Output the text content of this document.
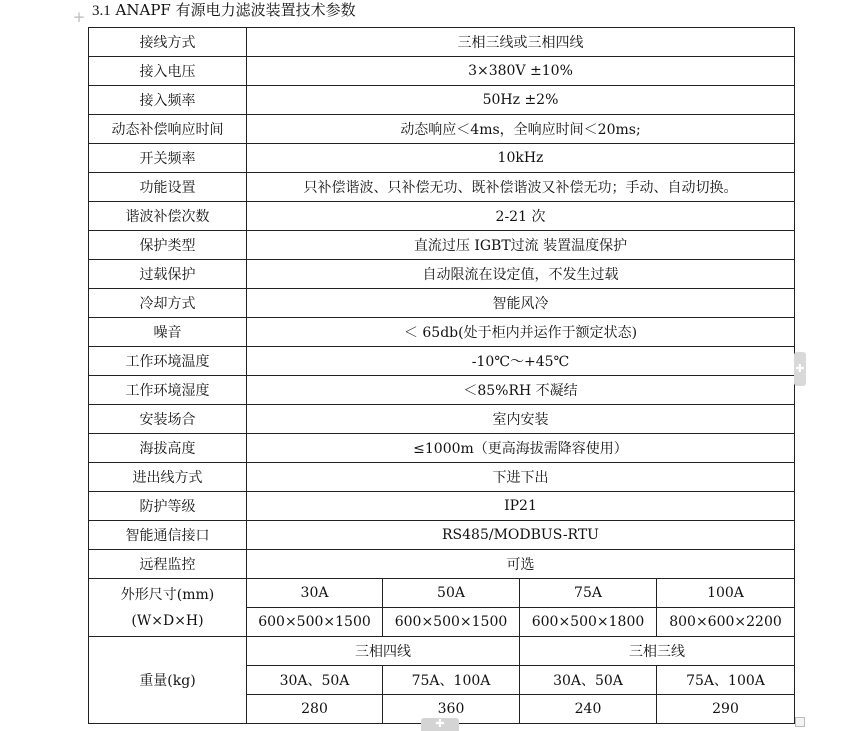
+ 3.1 ANAPF 有源电力滤波装置技术参数
接线方式	三相三线或三相四线			
接入电压	3×380V ±10%			
接入频率	50Hz ±2%			
动态补偿响应时间	动态响应＜4ms，全响应时间＜20ms;			
开关频率	10kHz			
功能设置	只补偿谐波、只补偿无功、既补偿谐波又补偿无功；手动、自动切换。			
谐波补偿次数	2-21 次			
保护类型	直流过压 IGBT过流 装置温度保护			
过载保护	自动限流在设定值，不发生过载			
冷却方式	智能风冷			
噪音	＜ 65db(处于柜内并运作于额定状态)			
工作环境温度	-10℃～+45℃			
工作环境湿度	＜85%RH 不凝结			
安装场合	室内安装			
海拔高度	≤1000m（更高海拔需降容使用）			
进出线方式	下进下出			
防护等级	IP21			
智能通信接口	RS485/MODBUS-RTU			
远程监控	可选			

外形尺寸(mm)
(W×D×H)	30A	50A	75A	100A
	600×500×1500	600×500×1500	600×500×1800	800×600×2200
重量(kg)	三相四线		三相三线	
	30A、50A	75A、100A	30A、50A	75A、100A
	280	360	240	290
✚
✚
